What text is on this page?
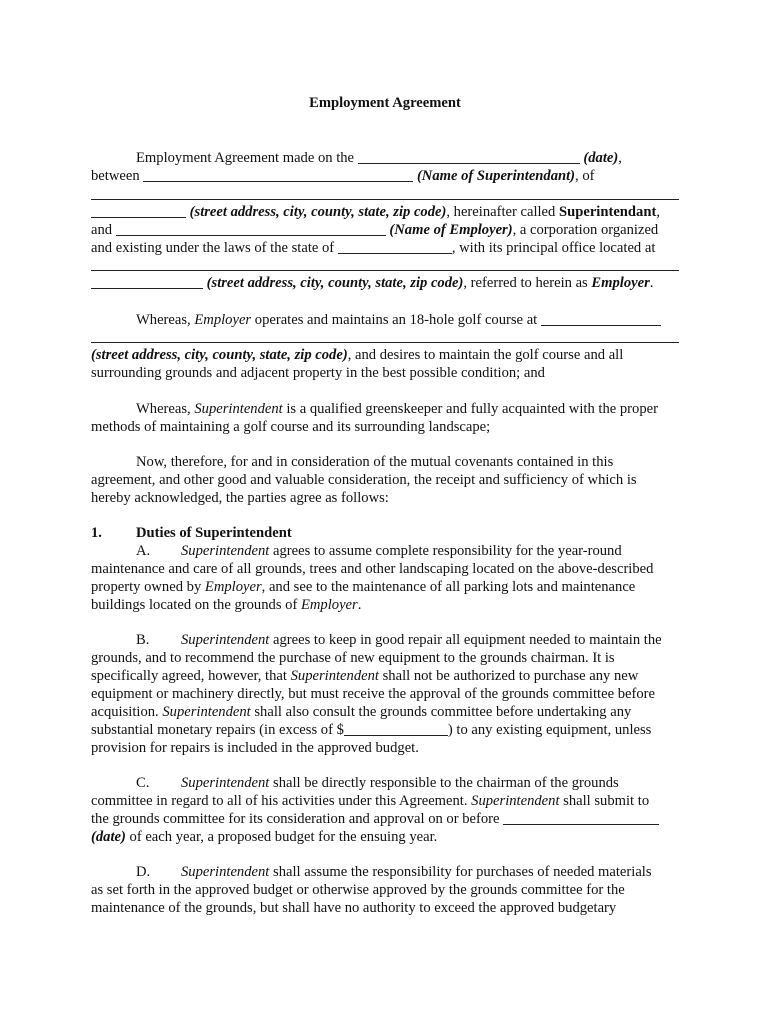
Employment Agreement
Employment Agreement made on the	(date),
between	(Name of Superintendant), of
(street address, city, county, state, zip code), hereinafter called Superintendant,
and	(Name of Employer), a corporation organized
and existing under the laws of the state of	, with its principal office located at
(street address, city, county, state, zip code), referred to herein as Employer.
Whereas, Employer operates and maintains an 18-hole golf course at
(street address, city, county, state, zip code), and desires to maintain the golf course and all
surrounding grounds and adjacent property in the best possible condition; and
Whereas, Superintendent is a qualified greenskeeper and fully acquainted with the proper
methods of maintaining a golf course and its surrounding landscape;
Now, therefore, for and in consideration of the mutual covenants contained in this
agreement, and other good and valuable consideration, the receipt and sufficiency of which is
hereby acknowledged, the parties agree as follows:
1. Duties of Superintendent
A. Superintendent agrees to assume complete responsibility for the year-round
maintenance and care of all grounds, trees and other landscaping located on the above-described
property owned by Employer, and see to the maintenance of all parking lots and maintenance
buildings located on the grounds of Employer.
B. Superintendent agrees to keep in good repair all equipment needed to maintain the
grounds, and to recommend the purchase of new equipment to the grounds chairman. It is
specifically agreed, however, that Superintendent shall not be authorized to purchase any new
equipment or machinery directly, but must receive the approval of the grounds committee before
acquisition. Superintendent shall also consult the grounds committee before undertaking any
substantial monetary repairs (in excess of $	) to any existing equipment, unless
provision for repairs is included in the approved budget.
C. Superintendent shall be directly responsible to the chairman of the grounds
committee in regard to all of his activities under this Agreement. Superintendent shall submit to
the grounds committee for its consideration and approval on or before
(date) of each year, a proposed budget for the ensuing year.
D. Superintendent shall assume the responsibility for purchases of needed materials
as set forth in the approved budget or otherwise approved by the grounds committee for the
maintenance of the grounds, but shall have no authority to exceed the approved budgetary
